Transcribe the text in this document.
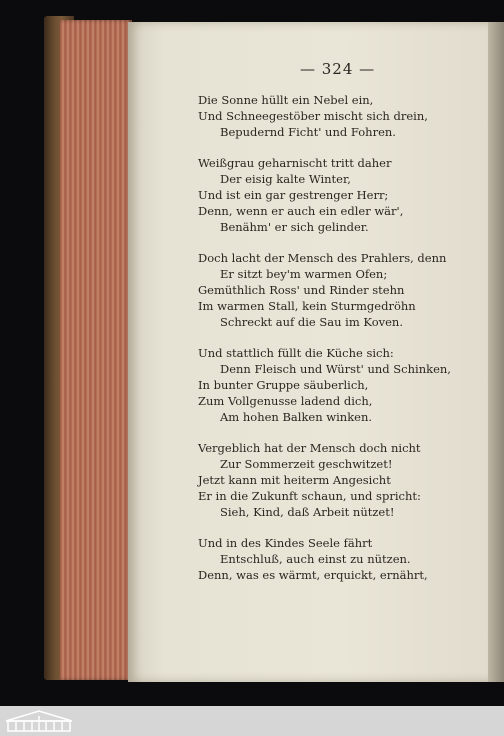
— 324 —
Die Sonne hüllt ein Nebel ein,
Und Schneegestöber mischt sich drein,
Bepudernd Ficht' und Fohren.
Weißgrau geharnischt tritt daher
Der eisig kalte Winter,
Und ist ein gar gestrenger Herr;
Denn, wenn er auch ein edler wär',
Benähm' er sich gelinder.
Doch lacht der Mensch des Prahlers, denn
Er sitzt bey'm warmen Ofen;
Gemüthlich Ross' und Rinder stehn
Im warmen Stall, kein Sturmgedröhn
Schreckt auf die Sau im Koven.
Und stattlich füllt die Küche sich:
Denn Fleisch und Würst' und Schinken,
In bunter Gruppe säuberlich,
Zum Vollgenusse ladend dich,
Am hohen Balken winken.
Vergeblich hat der Mensch doch nicht
Zur Sommerzeit geschwitzet!
Jetzt kann mit heiterm Angesicht
Er in die Zukunft schaun, und spricht:
Sieh, Kind, daß Arbeit nützet!
Und in des Kindes Seele fährt
Entschluß, auch einst zu nützen.
Denn, was es wärmt, erquickt, ernährt,
